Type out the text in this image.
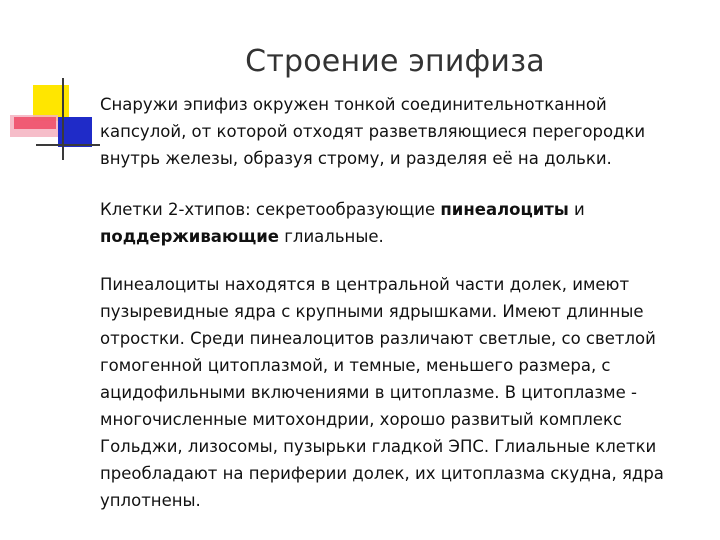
Строение эпифиза

Снаружи эпифиз окружен тонкой соединительнотканной капсулой, от которой отходят разветвляющиеся перегородки внутрь железы, образуя строму, и разделяя её на дольки.

Клетки 2-хтипов: секретообразующие пинеалоциты и поддерживающие глиальные.

Пинеалоциты находятся в центральной части долек, имеют пузыревидные ядра с крупными ядрышками. Имеют длинные отростки. Среди пинеалоцитов различают светлые, со светлой гомогенной цитоплазмой, и темные, меньшего размера, с ацидофильными включениями в цитоплазме. В цитоплазме - многочисленные митохондрии, хорошо развитый комплекс Гольджи, лизосомы, пузырьки гладкой ЭПС. Глиальные клетки преобладают на периферии долек, их цитоплазма скудна, ядра уплотнены.
